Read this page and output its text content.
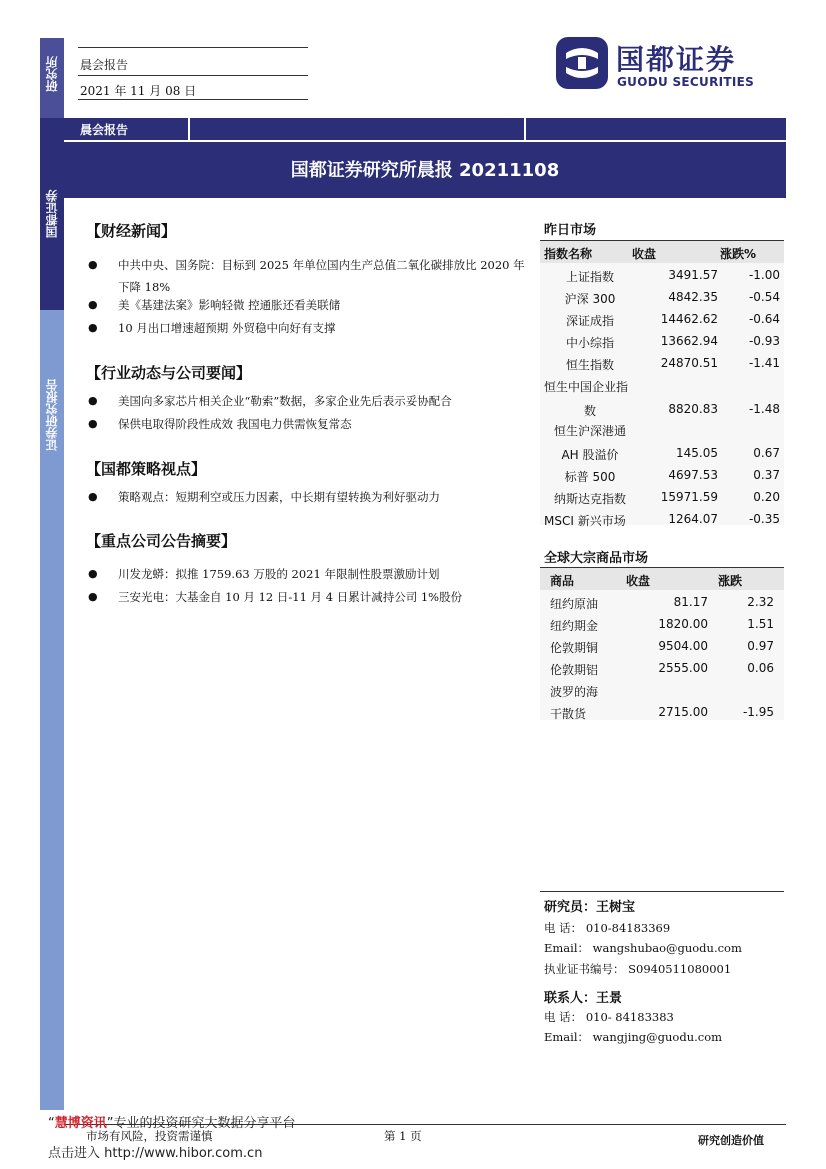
研究所
国都证券
证券研究报告
晨会报告
2021 年 11 月 08 日
国都证券
GUODU SECURITIES
晨会报告
国都证券研究所晨报 20211108
【财经新闻】
●	中共中央、国务院：目标到 2025 年单位国内生产总值二氧化碳排放比 2020 年下降 18%
●	美《基建法案》影响轻微 控通胀还看美联储
●	10 月出口增速超预期 外贸稳中向好有支撑
【行业动态与公司要闻】
●	美国向多家芯片相关企业“勒索”数据，多家企业先后表示妥协配合
●	保供电取得阶段性成效 我国电力供需恢复常态
【国都策略视点】
●	策略观点：短期利空或压力因素，中长期有望转换为利好驱动力
【重点公司公告摘要】
●	川发龙蟒：拟推 1759.63 万股的 2021 年限制性股票激励计划
●	三安光电：大基金自 10 月 12 日-11 月 4 日累计减持公司 1%股份
昨日市场
指数名称	收盘	涨跌%
上证指数	3491.57	-1.00
沪深 300	4842.35	-0.54
深证成指	14462.62	-0.64
中小综指	13662.94	-0.93
恒生指数	24870.51	-1.41
恒生中国企业指
数	8820.83	-1.48
恒生沪深港通
AH 股溢价	145.05	0.67
标普 500	4697.53	0.37
纳斯达克指数	15971.59	0.20
MSCI 新兴市场	1264.07	-0.35
全球大宗商品市场
商品	收盘	涨跌
纽约原油	81.17	2.32
纽约期金	1820.00	1.51
伦敦期铜	9504.00	0.97
伦敦期铝	2555.00	0.06
波罗的海
干散货	2715.00	-1.95
研究员：王树宝
电 话： 010-84183369
Email： wangshubao@guodu.com
执业证书编号： S0940511080001
联系人：王景
电 话： 010- 84183383
Email： wangjing@guodu.com
市场有风险，投资需谨慎	第 1 页	研究创造价值
“慧博资讯”专业的投资研究大数据分享平台
点击进入 http://www.hibor.com.cn
